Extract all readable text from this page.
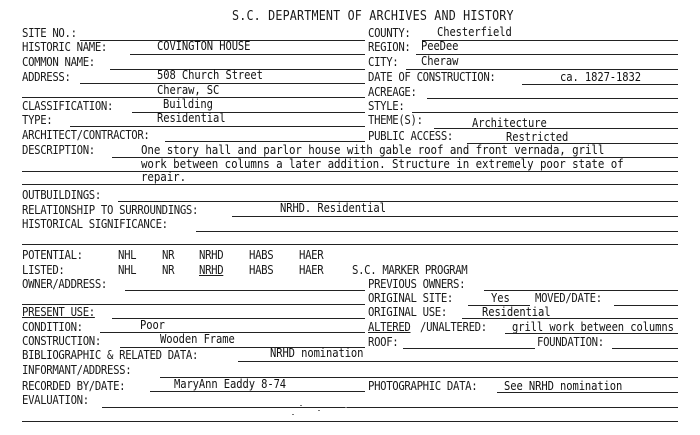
S.C. DEPARTMENT OF ARCHIVES AND HISTORY
SITE NO.:
HISTORIC NAME:	COVINGTON HOUSE
COMMON NAME:
ADDRESS:	508 Church Street
Cheraw, SC
CLASSIFICATION:	Building
TYPE:	Residential
ARCHITECT/CONTRACTOR:
COUNTY: Chesterfield
REGION: PeeDee
CITY: Cheraw
DATE OF CONSTRUCTION:	ca. 1827-1832
ACREAGE:
STYLE:
THEME(S):	Architecture
PUBLIC ACCESS:	Restricted
DESCRIPTION:	One story hall and parlor house with gable roof and front vernada, grill
work between columns a later addition. Structure in extremely poor state of
repair.
OUTBUILDINGS:
RELATIONSHIP TO SURROUNDINGS:	NRHD. Residential
HISTORICAL SIGNIFICANCE:
POTENTIAL:	NHL NR NRHD HABS HAER
LISTED:	NHL NR NRHD HABS HAER S.C. MARKER PROGRAM
OWNER/ADDRESS:	PREVIOUS OWNERS:
ORIGINAL SITE:	Yes MOVED/DATE:
PRESENT USE:	ORIGINAL USE:	Residential
CONDITION:	Poor	ALTERED /UNALTERED: grill work between columns
CONSTRUCTION:	Wooden Frame	ROOF:	FOUNDATION:
BIBLIOGRAPHIC & RELATED DATA:	NRHD nomination
INFORMANT/ADDRESS:
RECORDED BY/DATE:	MaryAnn Eaddy 8-74	PHOTOGRAPHIC DATA: See NRHD nomination
EVALUATION:
